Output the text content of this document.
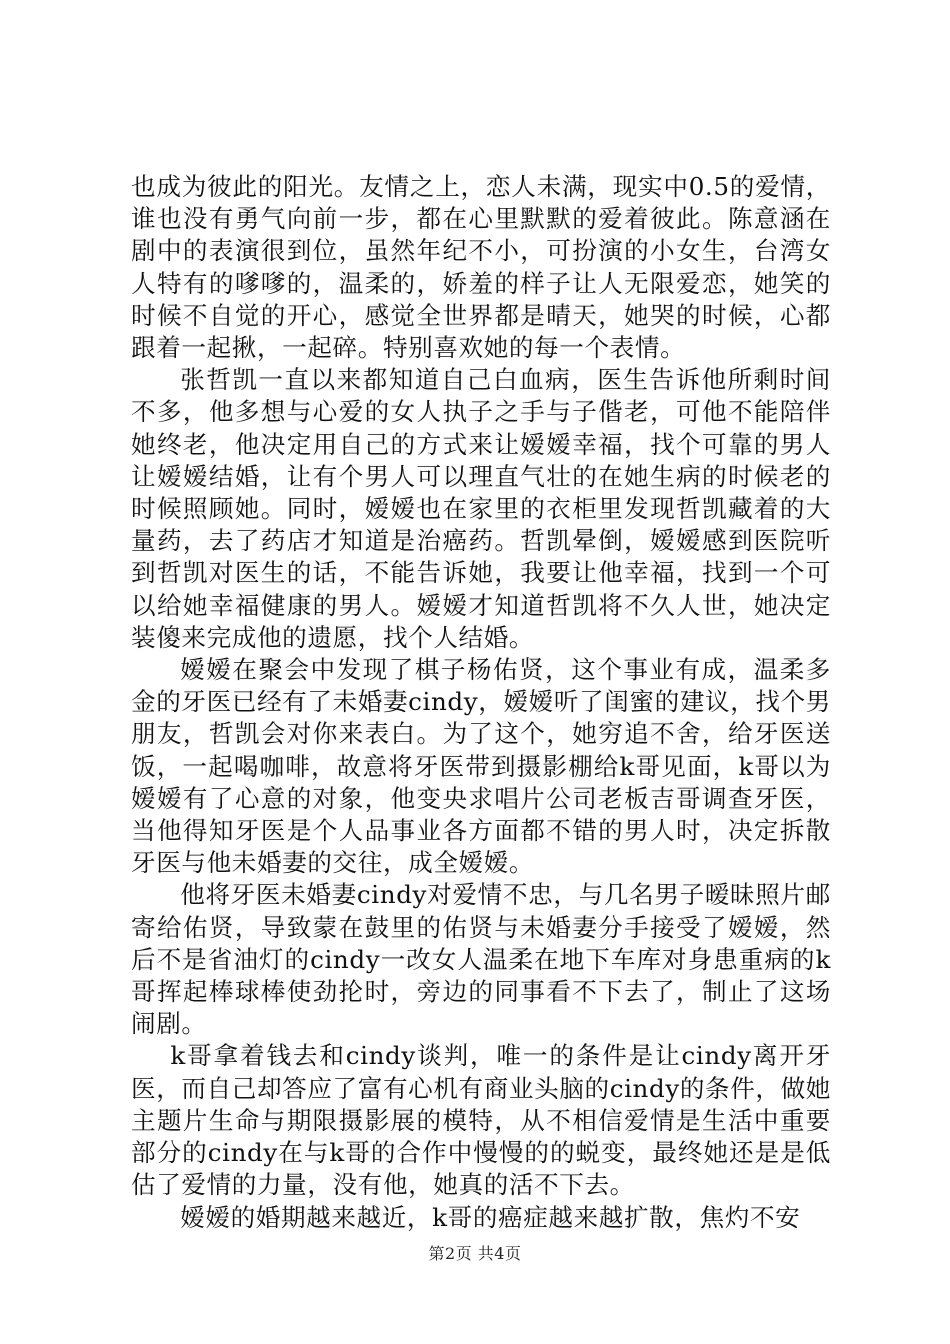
也成为彼此的阳光。友情之上，恋人未满，现实中0.5的爱情，谁也没有勇气向前一步，都在心里默默的爱着彼此。陈意涵在剧中的表演很到位，虽然年纪不小，可扮演的小女生，台湾女人特有的嗲嗲的，温柔的，娇羞的样子让人无限爱恋，她笑的时候不自觉的开心，感觉全世界都是晴天，她哭的时候，心都跟着一起揪，一起碎。特别喜欢她的每一个表情。

张哲凯一直以来都知道自己白血病，医生告诉他所剩时间不多，他多想与心爱的女人执子之手与子偕老，可他不能陪伴她终老，他决定用自己的方式来让嫒嫒幸福，找个可靠的男人让嫒嫒结婚，让有个男人可以理直气壮的在她生病的时候老的时候照顾她。同时，嫒嫒也在家里的衣柜里发现哲凯藏着的大量药，去了药店才知道是治癌药。哲凯晕倒，嫒嫒感到医院听到哲凯对医生的话，不能告诉她，我要让他幸福，找到一个可以给她幸福健康的男人。嫒嫒才知道哲凯将不久人世，她决定装傻来完成他的遗愿，找个人结婚。

嫒嫒在聚会中发现了棋子杨佑贤，这个事业有成，温柔多金的牙医已经有了未婚妻cindy，嫒嫒听了闺蜜的建议，找个男朋友，哲凯会对你来表白。为了这个，她穷追不舍，给牙医送饭，一起喝咖啡，故意将牙医带到摄影棚给k哥见面，k哥以为嫒嫒有了心意的对象，他变央求唱片公司老板吉哥调查牙医，当他得知牙医是个人品事业各方面都不错的男人时，决定拆散牙医与他未婚妻的交往，成全嫒嫒。

他将牙医未婚妻cindy对爱情不忠，与几名男子暧昧照片邮寄给佑贤，导致蒙在鼓里的佑贤与未婚妻分手接受了嫒嫒，然后不是省油灯的cindy一改女人温柔在地下车库对身患重病的k哥挥起棒球棒使劲抡时，旁边的同事看不下去了，制止了这场闹剧。

k哥拿着钱去和cindy谈判，唯一的条件是让cindy离开牙医，而自己却答应了富有心机有商业头脑的cindy的条件，做她主题片生命与期限摄影展的模特，从不相信爱情是生活中重要部分的cindy在与k哥的合作中慢慢的的蜕变，最终她还是是低估了爱情的力量，没有他，她真的活不下去。

嫒嫒的婚期越来越近，k哥的癌症越来越扩散，焦灼不安

第2页 共4页
